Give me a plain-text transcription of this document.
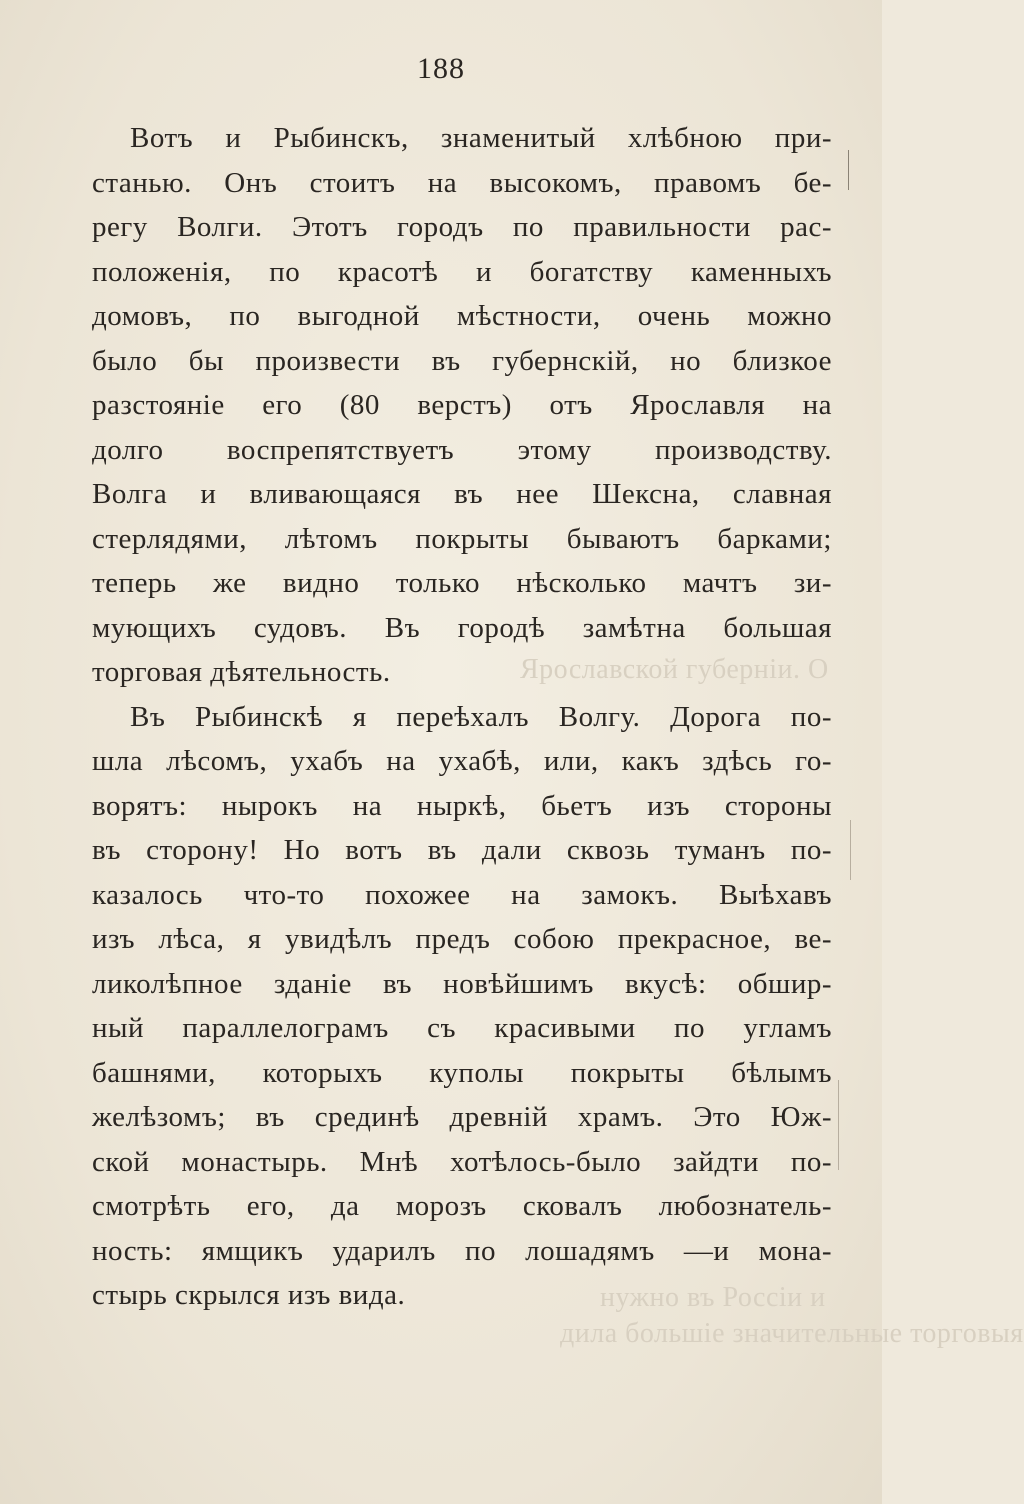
188
Ярославской губерніи. О
нужно въ Россіи и
дила большіе значительные торговыя
Вотъ и Рыбинскъ, знаменитый хлѣбною при-
станью. Онъ стоитъ на высокомъ, правомъ бе-
регу Волги. Этотъ городъ по правильности рас-
положенія, по красотѣ и богатству каменныхъ
домовъ, по выгодной мѣстности, очень можно
было бы произвести въ губернскій, но близкое
разстояніе его (80 верстъ) отъ Ярославля на
долго воспрепятствуетъ этому производству.
Волга и вливающаяся въ нее Шексна, славная
стерлядями, лѣтомъ покрыты бываютъ барками;
теперь же видно только нѣсколько мачтъ зи-
мующихъ судовъ. Въ городѣ замѣтна большая
торговая дѣятельность.
Въ Рыбинскѣ я переѣхалъ Волгу. Дорога по-
шла лѣсомъ, ухабъ на ухабѣ, или, какъ здѣсь го-
ворятъ: нырокъ на ныркѣ, бьетъ изъ стороны
въ сторону! Но вотъ въ дали сквозь туманъ по-
казалось что-то похожее на замокъ. Выѣхавъ
изъ лѣса, я увидѣлъ предъ собою прекрасное, ве-
ликолѣпное зданіе въ новѣйшимъ вкусѣ: обшир-
ный параллелограмъ съ красивыми по угламъ
башнями, которыхъ куполы покрыты бѣлымъ
желѣзомъ; въ срединѣ древній храмъ. Это Юж-
ской монастырь. Мнѣ хотѣлось-было зайдти по-
смотрѣть его, да морозъ сковалъ любознатель-
ность: ямщикъ ударилъ по лошадямъ —и мона-
стырь скрылся изъ вида.
